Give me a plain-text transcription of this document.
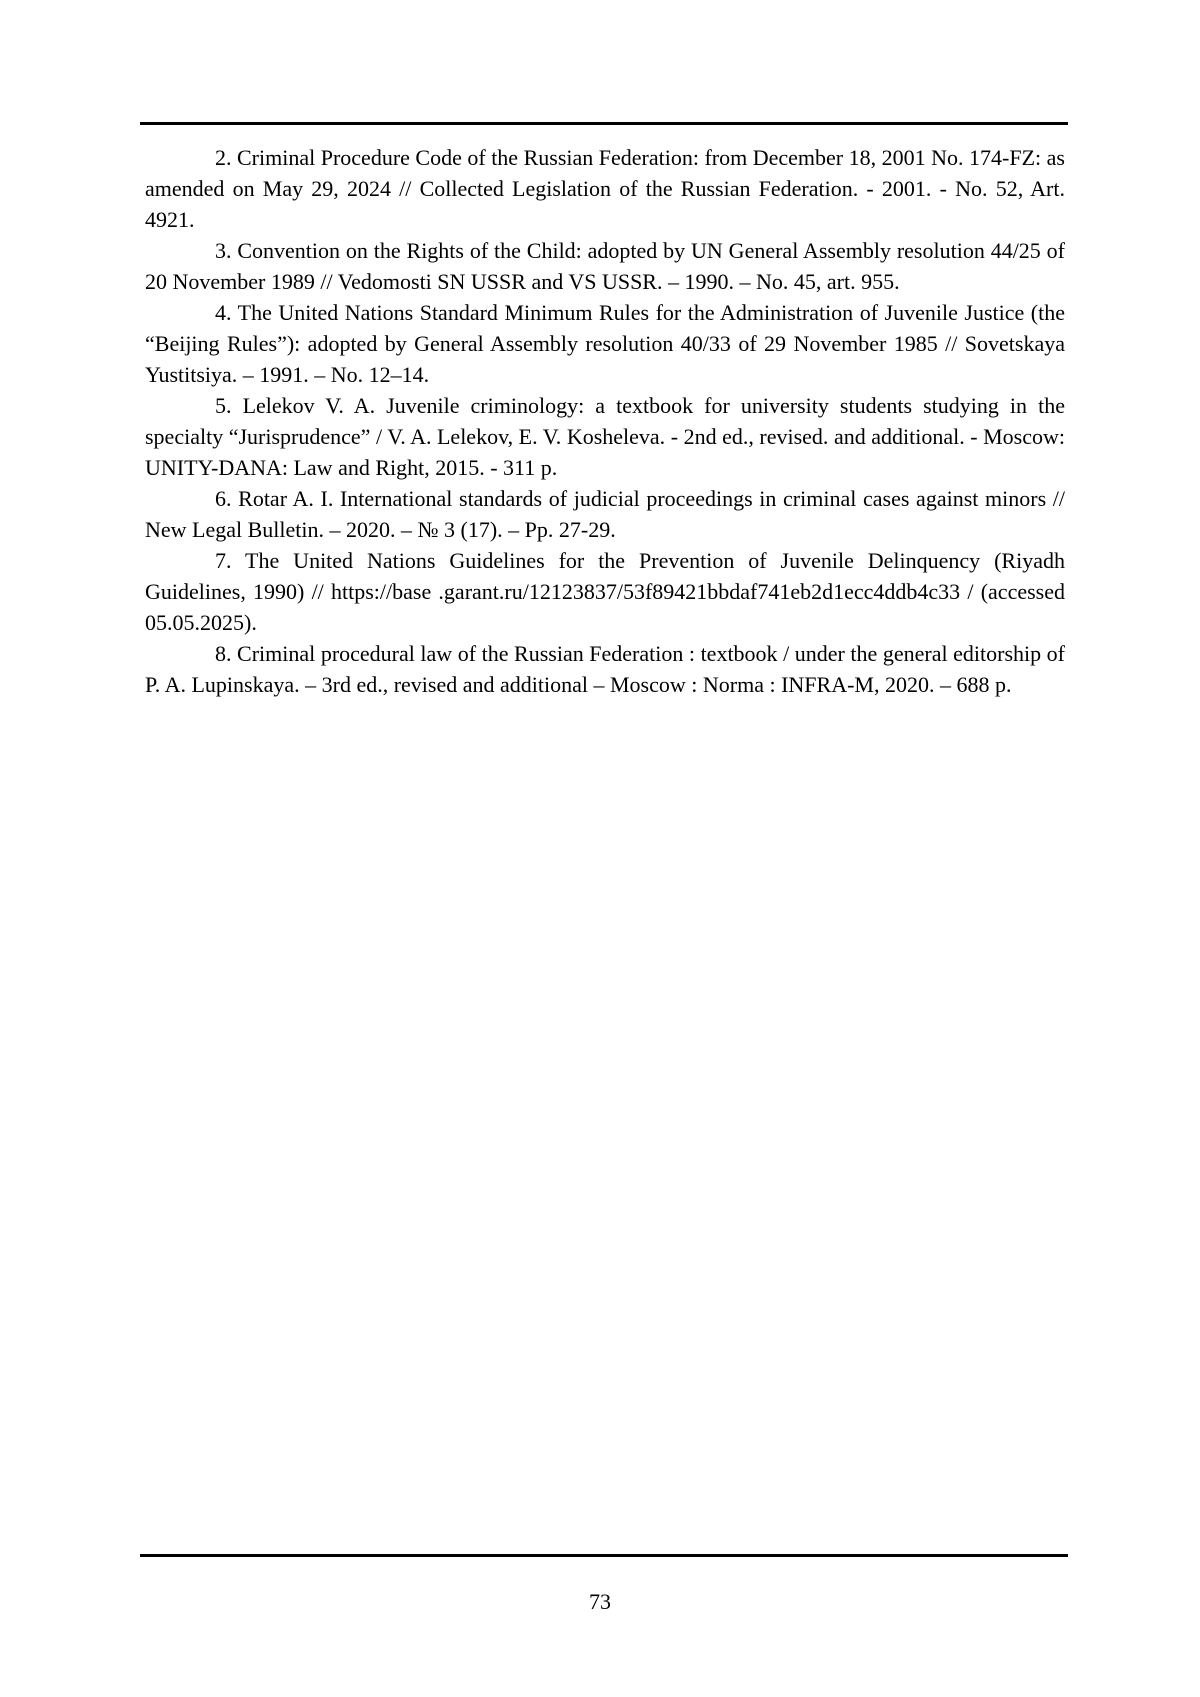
2. Criminal Procedure Code of the Russian Federation: from December 18, 2001 No. 174-FZ: as amended on May 29, 2024 // Collected Legislation of the Russian Federation. - 2001. - No. 52, Art. 4921.

3. Convention on the Rights of the Child: adopted by UN General Assembly resolution 44/25 of 20 November 1989 // Vedomosti SN USSR and VS USSR. – 1990. – No. 45, art. 955.

4. The United Nations Standard Minimum Rules for the Administration of Juvenile Justice (the “Beijing Rules”): adopted by General Assembly resolution 40/33 of 29 November 1985 // Sovetskaya Yustitsiya. – 1991. – No. 12–14.

5. Lelekov V. A. Juvenile criminology: a textbook for university students studying in the specialty “Jurisprudence” / V. A. Lelekov, E. V. Kosheleva. - 2nd ed., revised. and additional. - Moscow: UNITY-DANA: Law and Right, 2015. - 311 p.

6. Rotar A. I. International standards of judicial proceedings in criminal cases against minors // New Legal Bulletin. – 2020. – № 3 (17). – Pp. 27-29.

7. The United Nations Guidelines for the Prevention of Juvenile Delinquency (Riyadh Guidelines, 1990) // https://base .garant.ru/12123837/53f89421bbdaf741eb2d1ecc4ddb4c33 / (accessed 05.05.2025).

8. Criminal procedural law of the Russian Federation : textbook / under the general editorship of P. A. Lupinskaya. – 3rd ed., revised and additional – Moscow : Norma : INFRA-M, 2020. – 688 p.

73
